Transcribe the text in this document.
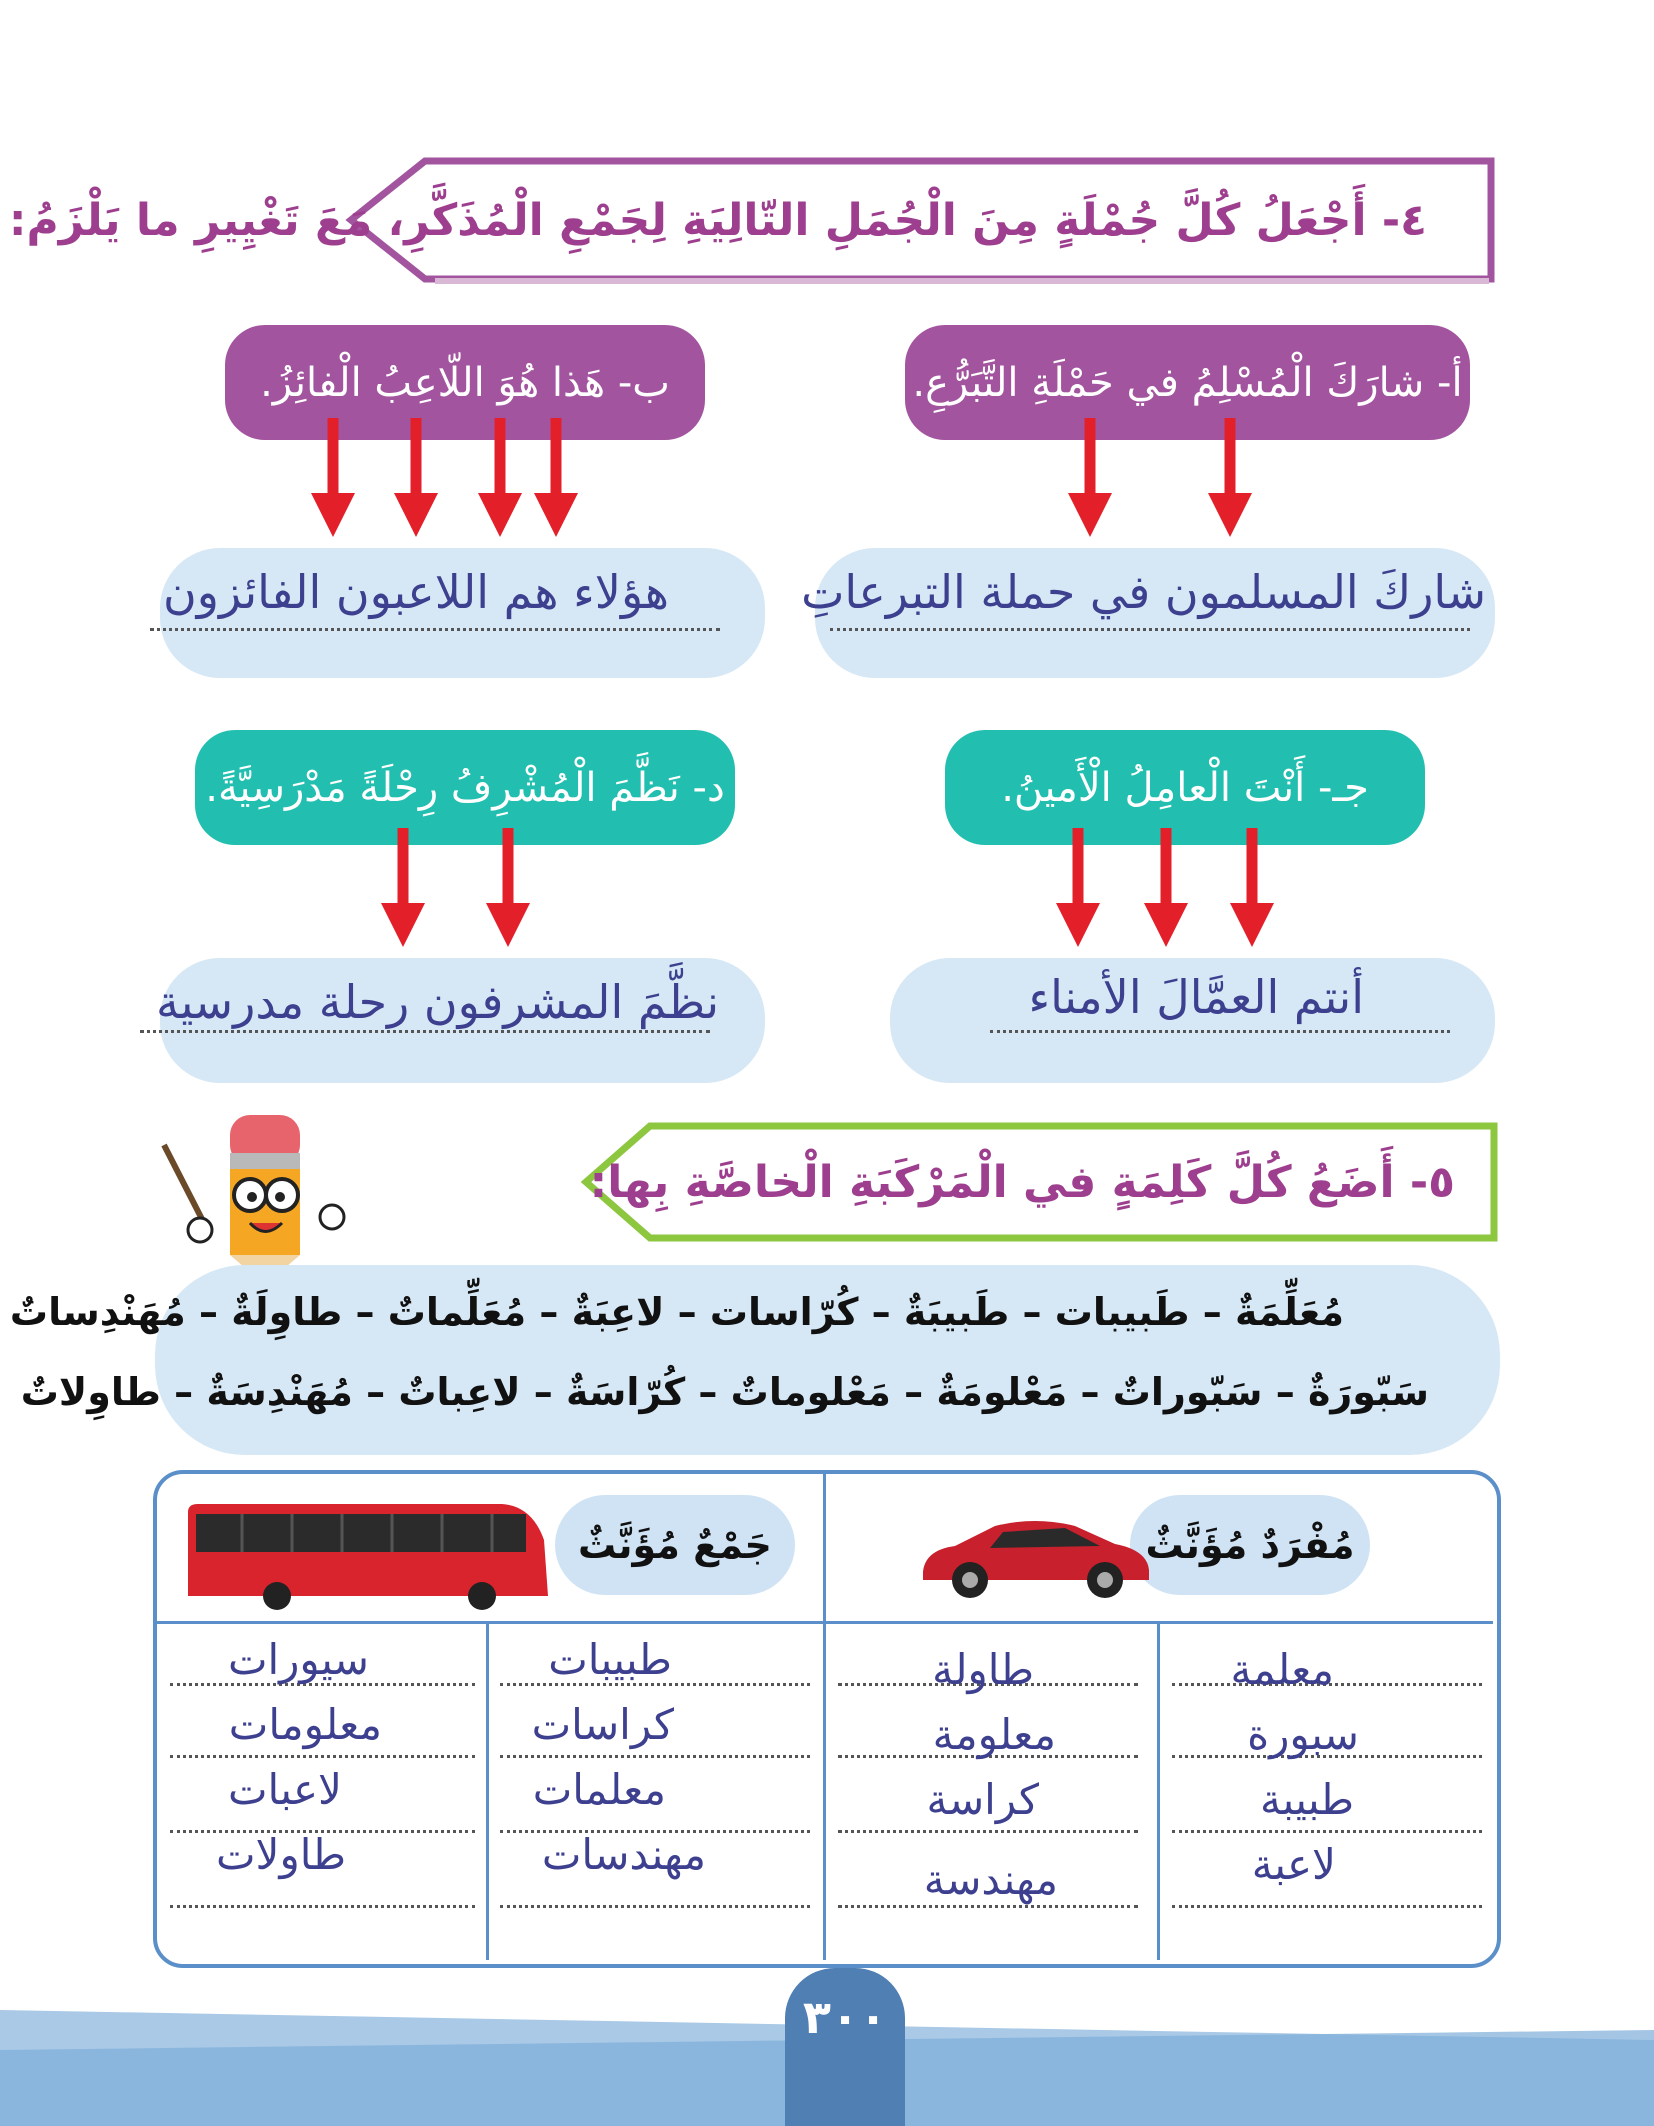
٤- أَجْعَلُ كُلَّ جُمْلَةٍ مِنَ الْجُمَلِ التّالِيَةِ لِجَمْعِ الْمُذَكَّرِ، مَعَ تَغْيِيرِ ما يَلْزَمُ:
أ- شارَكَ الْمُسْلِمُ في حَمْلَةِ التَّبَرُّعِ.
شاركَ المسلمون في حملة التبرعاتِ
ب- هَذا هُوَ اللّاعِبُ الْفائِزُ.
هؤلاء هم اللاعبون الفائزون
جـ- أَنْتَ الْعامِلُ الْأَمينُ.
أنتم العمَّالَ الأمناء
د- نَظَّمَ الْمُشْرِفُ رِحْلَةً مَدْرَسِيَّةً.
نظَّمَ المشرفون رحلة مدرسية
٥- أَضَعُ كُلَّ كَلِمَةٍ في الْمَرْكَبَةِ الْخاصَّةِ بِها:
مُعَلِّمَةٌ – طَبيبات – طَبيبَةٌ – كُرّاسات – لاعِبَةٌ – مُعَلِّماتٌ – طاوِلَةٌ – مُهَنْدِساتٌ
سَبّورَةٌ – سَبّوراتٌ – مَعْلومَةٌ – مَعْلوماتٌ – كُرّاسَةٌ – لاعِباتٌ – مُهَنْدِسَةٌ – طاوِلاتٌ
مُفْرَدٌ مُؤَنَّثٌ
جَمْعٌ مُؤَنَّثٌ
معلمة
سبورة
طبيبة
لاعبة
طاولة
معلومة
كراسة
مهندسة
طبيبات
كراسات
معلمات
مهندسات
سيورات
معلومات
لاعبات
طاولات
٣٠٠
